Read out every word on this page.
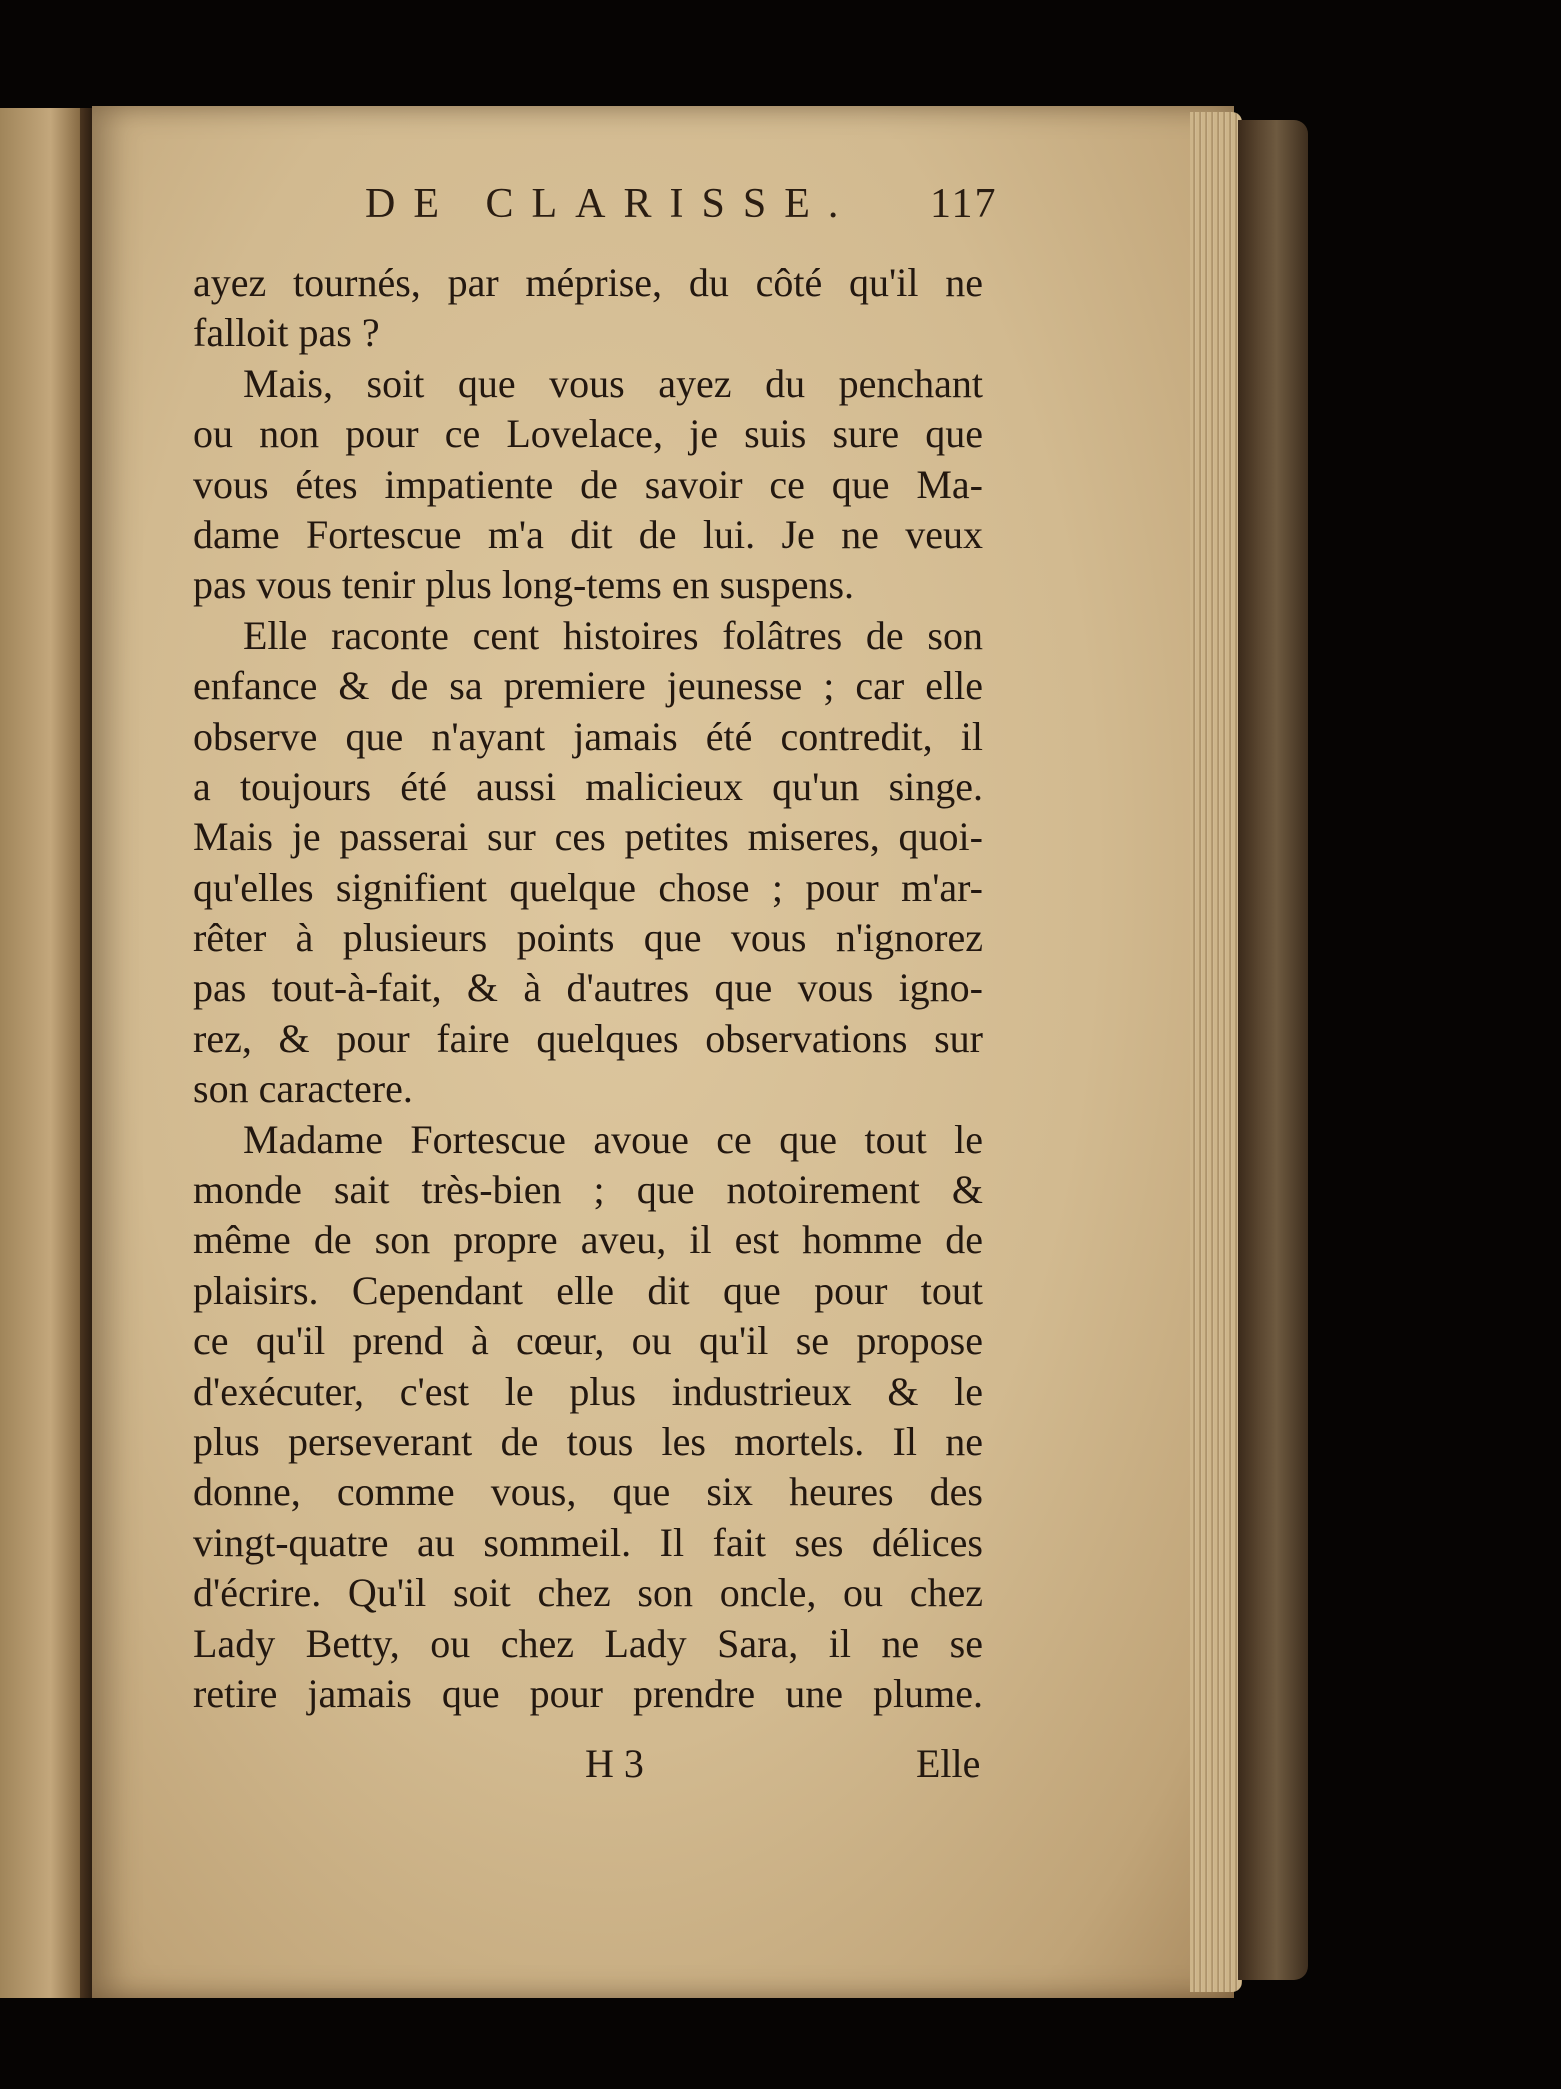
DE CLARISSE. 117
ayez tournés, par méprise, du côté qu'il ne
falloit pas ?
Mais, soit que vous ayez du penchant
ou non pour ce Lovelace, je suis sure que
vous étes impatiente de savoir ce que Ma-
dame Fortescue m'a dit de lui. Je ne veux
pas vous tenir plus long-tems en suspens.
Elle raconte cent histoires folâtres de son
enfance & de sa premiere jeunesse ; car elle
observe que n'ayant jamais été contredit, il
a toujours été aussi malicieux qu'un singe.
Mais je passerai sur ces petites miseres, quoi-
qu'elles signifient quelque chose ; pour m'ar-
rêter à plusieurs points que vous n'ignorez
pas tout-à-fait, & à d'autres que vous igno-
rez, & pour faire quelques observations sur
son caractere.
Madame Fortescue avoue ce que tout le
monde sait très-bien ; que notoirement &
même de son propre aveu, il est homme de
plaisirs. Cependant elle dit que pour tout
ce qu'il prend à cœur, ou qu'il se propose
d'exécuter, c'est le plus industrieux & le
plus perseverant de tous les mortels. Il ne
donne, comme vous, que six heures des
vingt-quatre au sommeil. Il fait ses délices
d'écrire. Qu'il soit chez son oncle, ou chez
Lady Betty, ou chez Lady Sara, il ne se
retire jamais que pour prendre une plume.
H 3	Elle
